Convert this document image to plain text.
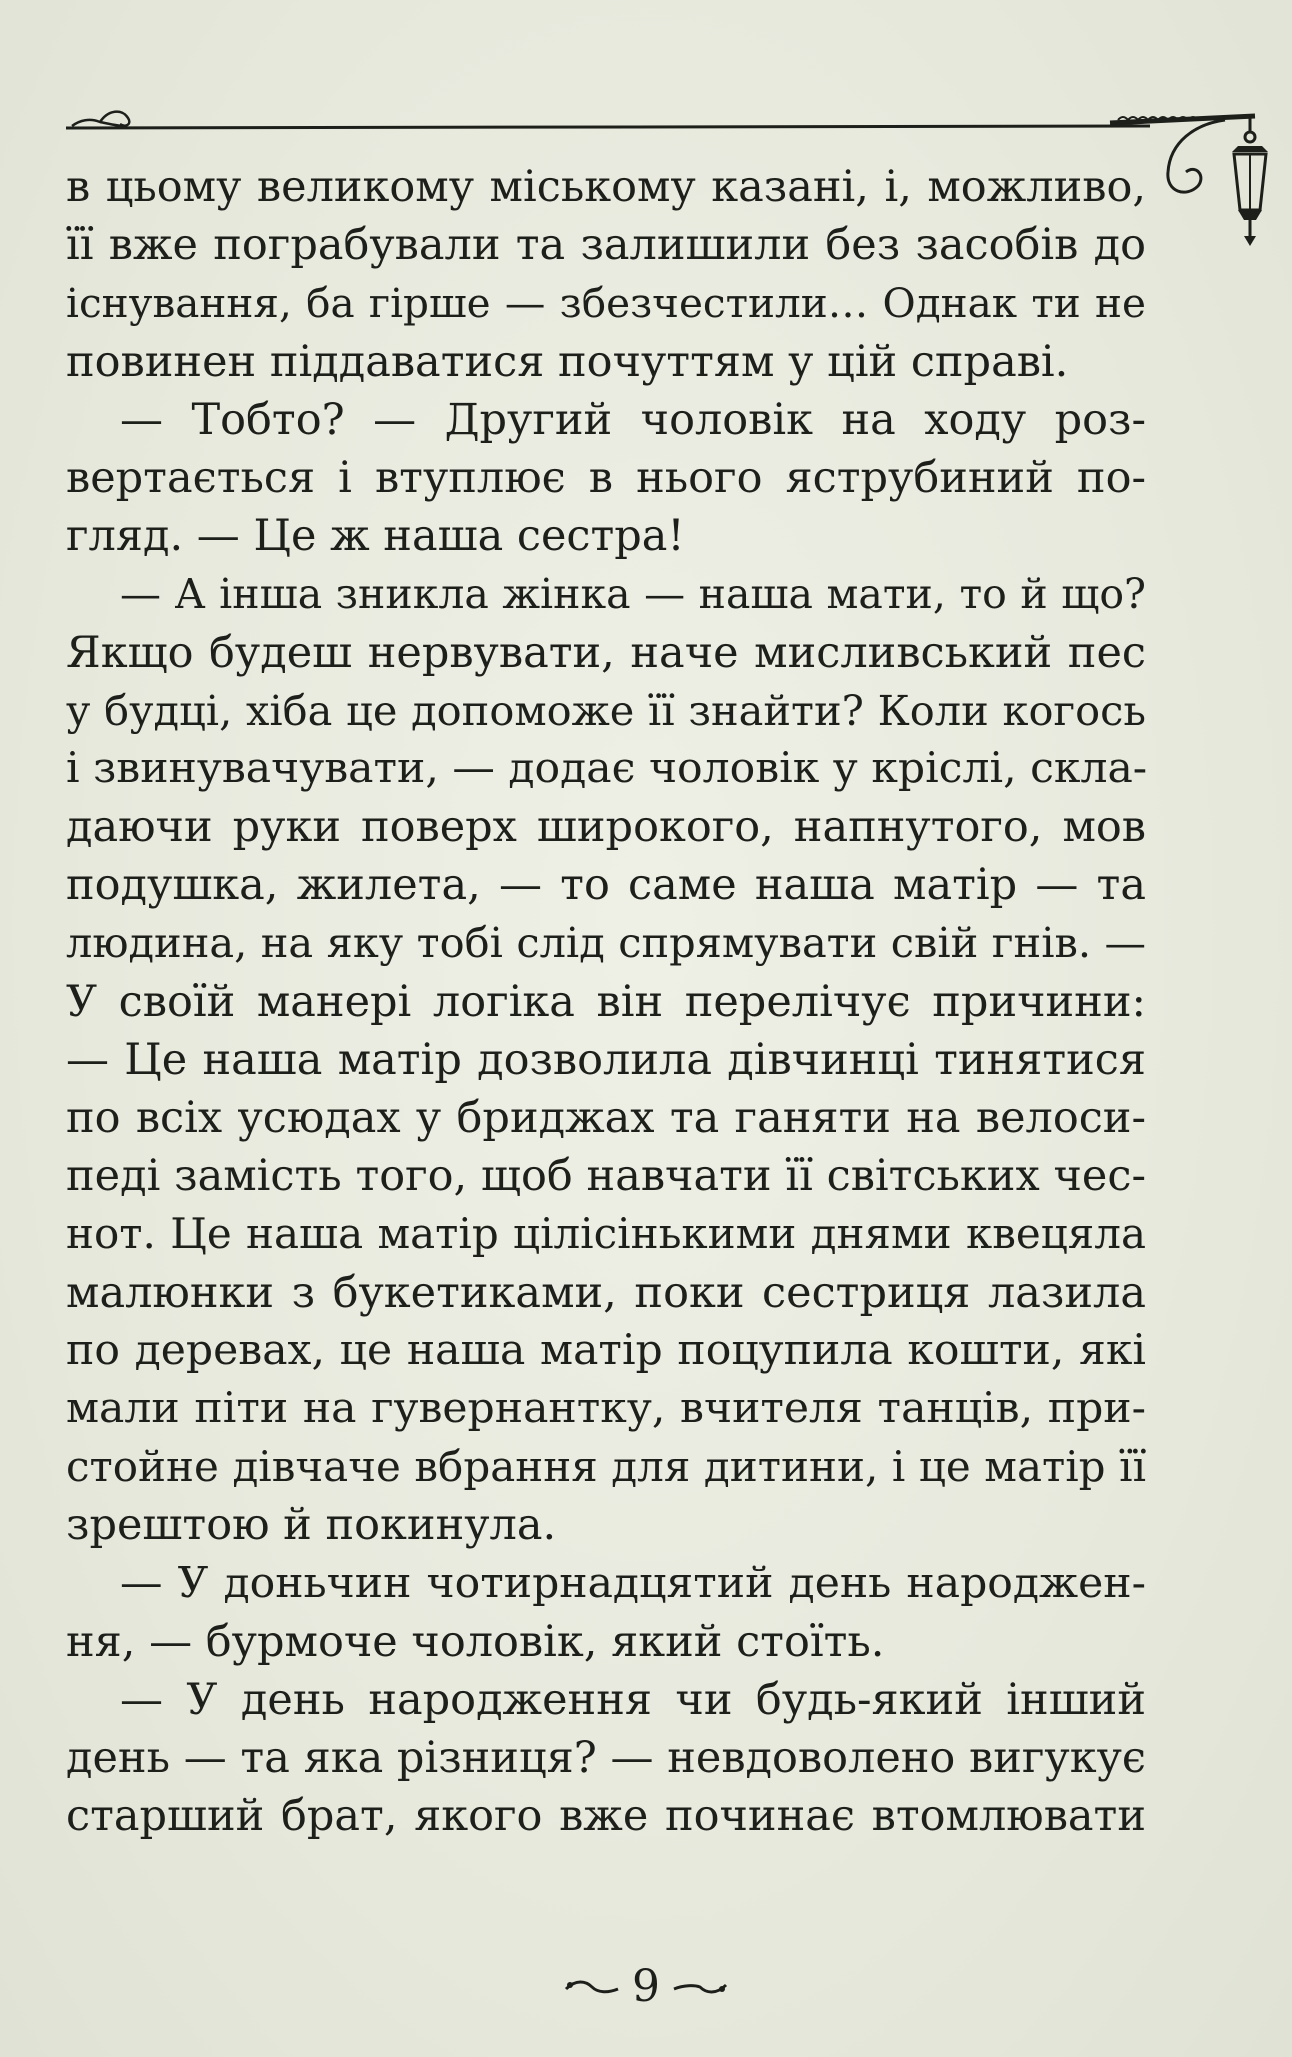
в цьому великому міському казані, і, можливо,
її вже пограбували та залишили без засобів до
існування, ба гірше — збезчестили… Однак ти не
повинен піддаватися почуттям у цій справі.
— Тобто? — Другий чоловік на ходу роз-
вертається і втуплює в нього яструбиний по-
гляд. — Це ж наша сестра!
— А інша зникла жінка — наша мати, то й що?
Якщо будеш нервувати, наче мисливський пес
у будці, хіба це допоможе її знайти? Коли когось
і звинувачувати, — додає чоловік у кріслі, скла-
даючи руки поверх широкого, напнутого, мов
подушка, жилета, — то саме наша матір — та
людина, на яку тобі слід спрямувати свій гнів. —
У своїй манері логіка він перелічує причини:
— Це наша матір дозволила дівчинці тинятися
по всіх усюдах у бриджах та ганяти на велоси-
педі замість того, щоб навчати її світських чес-
нот. Це наша матір цілісінькими днями квецяла
малюнки з букетиками, поки сестриця лазила
по деревах, це наша матір поцупила кошти, які
мали піти на гувернантку, вчителя танців, при-
стойне дівчаче вбрання для дитини, і це матір її
зрештою й покинула.
— У доньчин чотирнадцятий день народжен-
ня, — бурмоче чоловік, який стоїть.
— У день народження чи будь-який інший
день — та яка різниця? — невдоволено вигукує
старший брат, якого вже починає втомлювати
9
